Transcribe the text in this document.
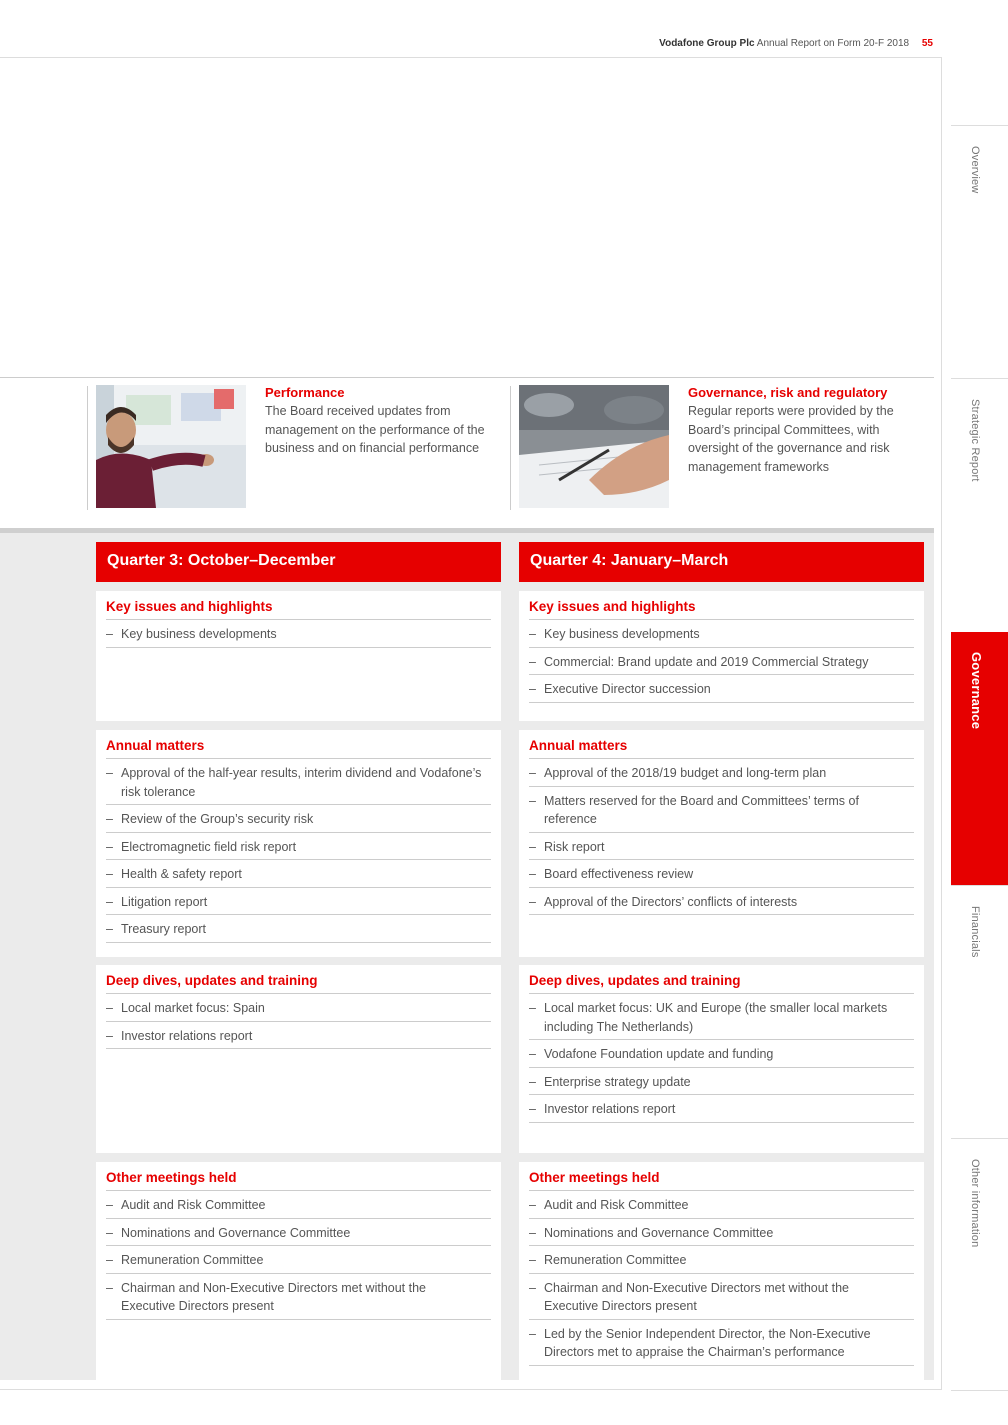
Vodafone Group Plc Annual Report on Form 20-F 2018 55
Overview
Strategic Report
Governance
Financials
Other information
Performance
The Board received updates from management on the performance of the business and on financial performance
Governance, risk and regulatory
Regular reports were provided by the Board’s principal Committees, with oversight of the governance and risk management frameworks
Quarter 3: October–December
Key issues and highlights
– Key business developments
Annual matters
– Approval of the half-year results, interim dividend and Vodafone’s risk tolerance
– Review of the Group’s security risk
– Electromagnetic field risk report
– Health & safety report
– Litigation report
– Treasury report
Deep dives, updates and training
– Local market focus: Spain
– Investor relations report
Other meetings held
– Audit and Risk Committee
– Nominations and Governance Committee
– Remuneration Committee
– Chairman and Non-Executive Directors met without the Executive Directors present
Quarter 4: January–March
Key issues and highlights
– Key business developments
– Commercial: Brand update and 2019 Commercial Strategy
– Executive Director succession
Annual matters
– Approval of the 2018/19 budget and long-term plan
– Matters reserved for the Board and Committees’ terms of reference
– Risk report
– Board effectiveness review
– Approval of the Directors’ conflicts of interests
Deep dives, updates and training
– Local market focus: UK and Europe (the smaller local markets including The Netherlands)
– Vodafone Foundation update and funding
– Enterprise strategy update
– Investor relations report
Other meetings held
– Audit and Risk Committee
– Nominations and Governance Committee
– Remuneration Committee
– Chairman and Non-Executive Directors met without the Executive Directors present
– Led by the Senior Independent Director, the Non-Executive Directors met to appraise the Chairman’s performance
